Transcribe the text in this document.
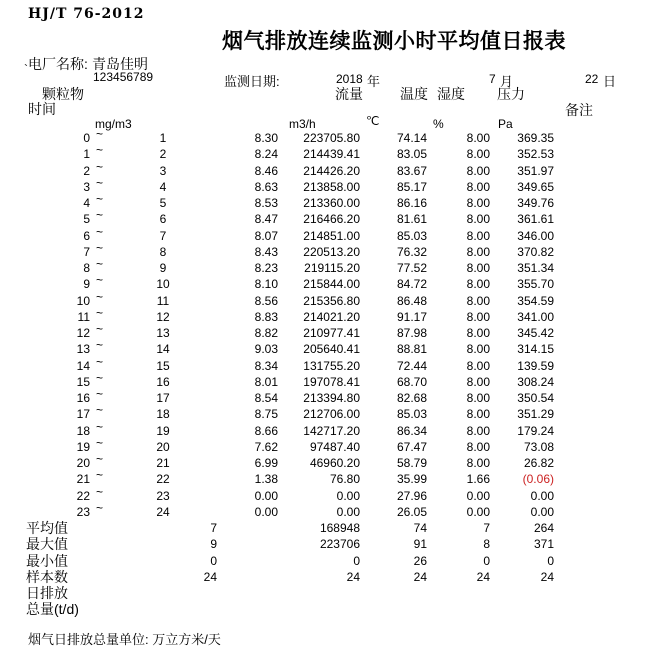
HJ/T 76-2012
烟气排放连续监测小时平均值日报表
电厂名称: 青岛佳明
`
123456789	监测日期:	2018 年	7 月	22 日
颗粒物	流量	温度 湿度 压力
时间	备注
mg/m3	m3/h	℃	%	Pa
0 ~	1	8.30	223705.80	74.14	8.00	369.35
1 ~	2	8.24	214439.41	83.05	8.00	352.53
2 ~	3	8.46	214426.20	83.67	8.00	351.97
3 ~	4	8.63	213858.00	85.17	8.00	349.65
4 ~	5	8.53	213360.00	86.16	8.00	349.76
5 ~	6	8.47	216466.20	81.61	8.00	361.61
6 ~	7	8.07	214851.00	85.03	8.00	346.00
7 ~	8	8.43	220513.20	76.32	8.00	370.82
8 ~	9	8.23	219115.20	77.52	8.00	351.34
9 ~	10	8.10	215844.00	84.72	8.00	355.70
10 ~	11	8.56	215356.80	86.48	8.00	354.59
11 ~	12	8.83	214021.20	91.17	8.00	341.00
12 ~	13	8.82	210977.41	87.98	8.00	345.42
13 ~	14	9.03	205640.41	88.81	8.00	314.15
14 ~	15	8.34	131755.20	72.44	8.00	139.59
15 ~	16	8.01	197078.41	68.70	8.00	308.24
16 ~	17	8.54	213394.80	82.68	8.00	350.54
17 ~	18	8.75	212706.00	85.03	8.00	351.29
18 ~	19	8.66	142717.20	86.34	8.00	179.24
19 ~	20	7.62	97487.40	67.47	8.00	73.08
20 ~	21	6.99	46960.20	58.79	8.00	26.82
21 ~	22	1.38	76.80	35.99	1.66	(0.06)
22 ~	23	0.00	0.00	27.96	0.00	0.00
23 ~	24	0.00	0.00	26.05	0.00	0.00
平均值	7	168948	74	7	264
最大值	9	223706	91	8	371
最小值	0	0	26	0	0
样本数	24	24	24	24	24
日排放
总量(t/d)
烟气日排放总量单位: 万立方米/天
